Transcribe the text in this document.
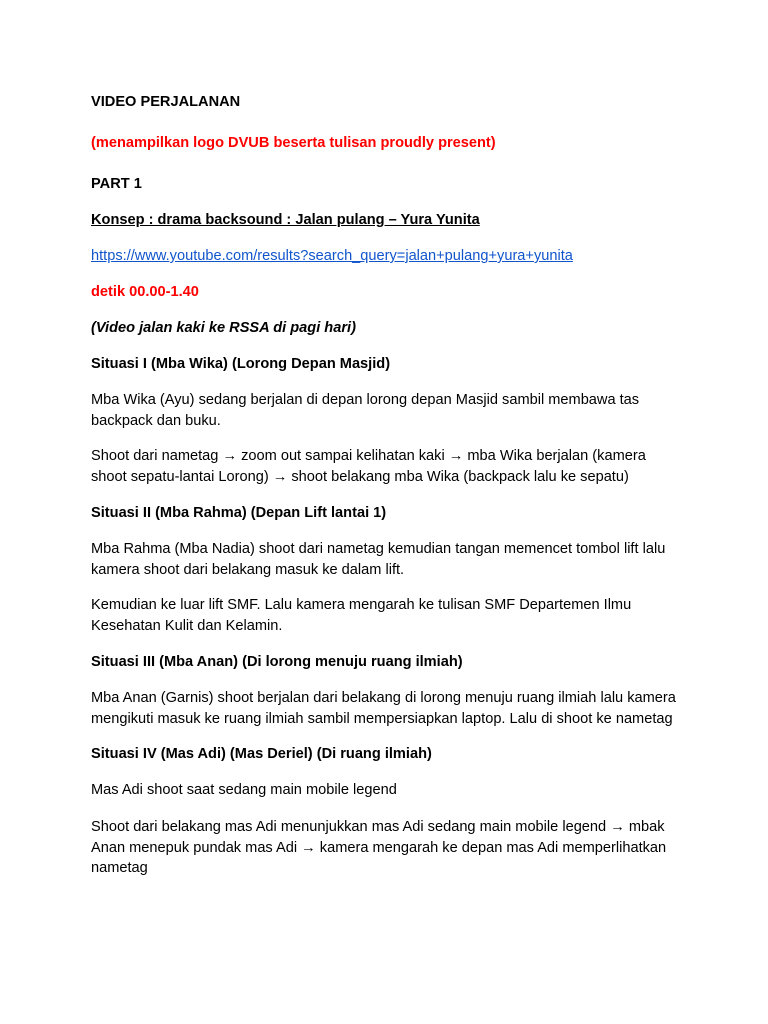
VIDEO PERJALANAN

(menampilkan logo DVUB beserta tulisan proudly present)

PART 1

Konsep : drama backsound : Jalan pulang – Yura Yunita

https://www.youtube.com/results?search_query=jalan+pulang+yura+yunita

detik 00.00-1.40

(Video jalan kaki ke RSSA di pagi hari)

Situasi I (Mba Wika) (Lorong Depan Masjid)

Mba Wika (Ayu) sedang berjalan di depan lorong depan Masjid sambil membawa tas backpack dan buku.

Shoot dari nametag → zoom out sampai kelihatan kaki → mba Wika berjalan (kamera shoot sepatu-lantai Lorong) → shoot belakang mba Wika (backpack lalu ke sepatu)

Situasi II (Mba Rahma) (Depan Lift lantai 1)

Mba Rahma (Mba Nadia) shoot dari nametag kemudian tangan memencet tombol lift lalu kamera shoot dari belakang masuk ke dalam lift.

Kemudian ke luar lift SMF. Lalu kamera mengarah ke tulisan SMF Departemen Ilmu Kesehatan Kulit dan Kelamin.

Situasi III (Mba Anan) (Di lorong menuju ruang ilmiah)

Mba Anan (Garnis) shoot berjalan dari belakang di lorong menuju ruang ilmiah lalu kamera mengikuti masuk ke ruang ilmiah sambil mempersiapkan laptop. Lalu di shoot ke nametag

Situasi IV (Mas Adi) (Mas Deriel) (Di ruang ilmiah)

Mas Adi shoot saat sedang main mobile legend

Shoot dari belakang mas Adi menunjukkan mas Adi sedang main mobile legend → mbak Anan menepuk pundak mas Adi → kamera mengarah ke depan mas Adi memperlihatkan nametag
